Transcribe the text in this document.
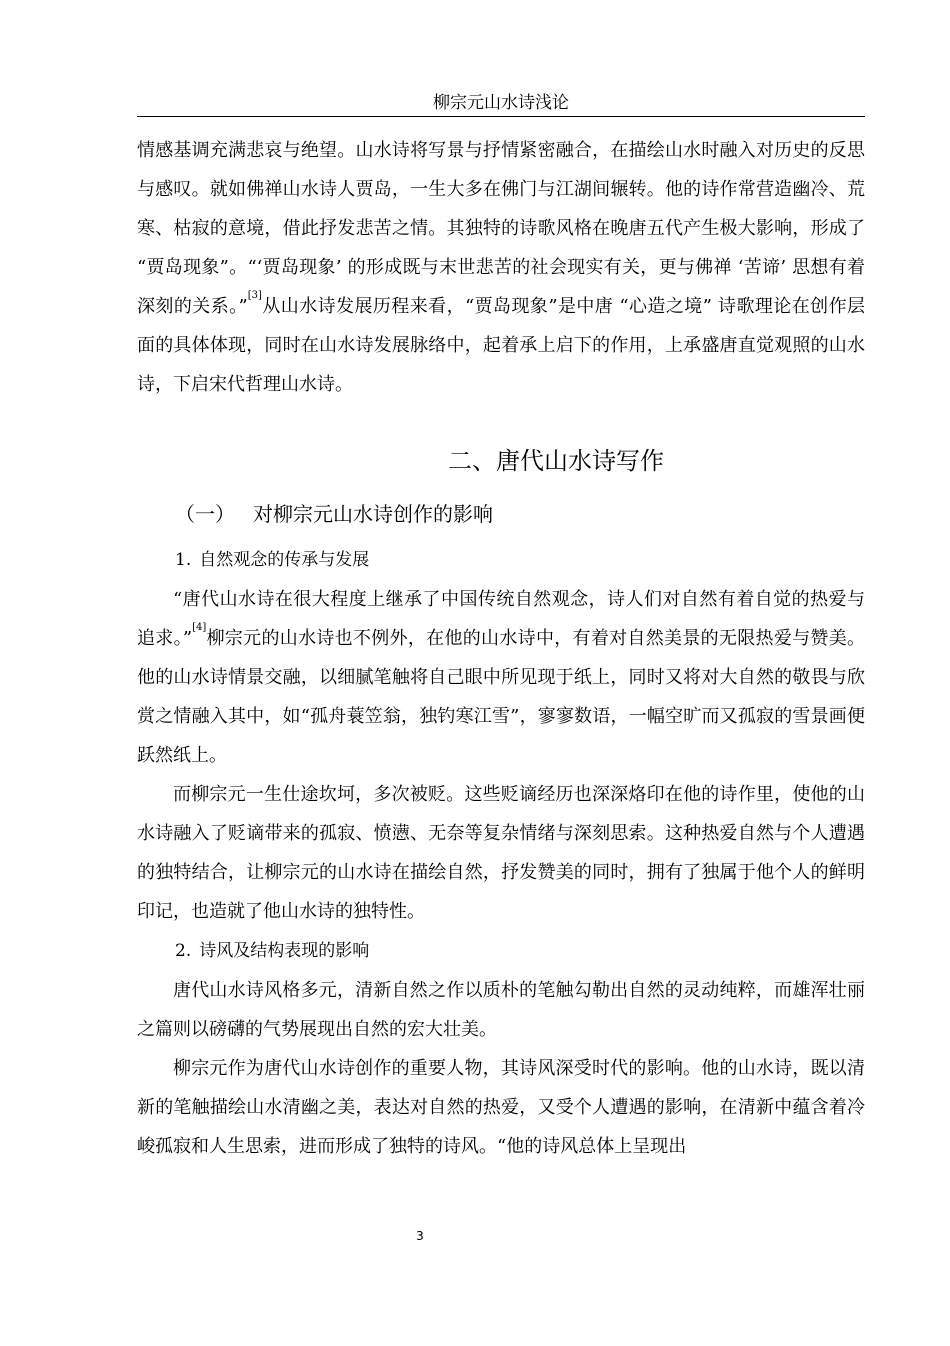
柳宗元山水诗浅论

情感基调充满悲哀与绝望。山水诗将写景与抒情紧密融合，在描绘山水时融入对历史的反思与感叹。就如佛禅山水诗人贾岛，一生大多在佛门与江湖间辗转。他的诗作常营造幽冷、荒寒、枯寂的意境，借此抒发悲苦之情。其独特的诗歌风格在晚唐五代产生极大影响，形成了 “贾岛现象”。“‘贾岛现象’ 的形成既与末世悲苦的社会现实有关，更与佛禅 ‘苦谛’ 思想有着深刻的关系。”[3]从山水诗发展历程来看，“贾岛现象”是中唐 “心造之境” 诗歌理论在创作层面的具体体现，同时在山水诗发展脉络中，起着承上启下的作用，上承盛唐直觉观照的山水诗，下启宋代哲理山水诗。

二、唐代山水诗写作
（一） 对柳宗元山水诗创作的影响
1. 自然观念的传承与发展

“唐代山水诗在很大程度上继承了中国传统自然观念，诗人们对自然有着自觉的热爱与追求。”[4]柳宗元的山水诗也不例外，在他的山水诗中，有着对自然美景的无限热爱与赞美。他的山水诗情景交融，以细腻笔触将自己眼中所见现于纸上，同时又将对大自然的敬畏与欣赏之情融入其中，如“孤舟蓑笠翁，独钓寒江雪”，寥寥数语，一幅空旷而又孤寂的雪景画便跃然纸上。

而柳宗元一生仕途坎坷，多次被贬。这些贬谪经历也深深烙印在他的诗作里，使他的山水诗融入了贬谪带来的孤寂、愤懑、无奈等复杂情绪与深刻思索。这种热爱自然与个人遭遇的独特结合，让柳宗元的山水诗在描绘自然，抒发赞美的同时，拥有了独属于他个人的鲜明印记，也造就了他山水诗的独特性。

2. 诗风及结构表现的影响

唐代山水诗风格多元，清新自然之作以质朴的笔触勾勒出自然的灵动纯粹，而雄浑壮丽之篇则以磅礴的气势展现出自然的宏大壮美。

柳宗元作为唐代山水诗创作的重要人物，其诗风深受时代的影响。他的山水诗，既以清新的笔触描绘山水清幽之美，表达对自然的热爱，又受个人遭遇的影响，在清新中蕴含着冷峻孤寂和人生思索，进而形成了独特的诗风。“他的诗风总体上呈现出

3
